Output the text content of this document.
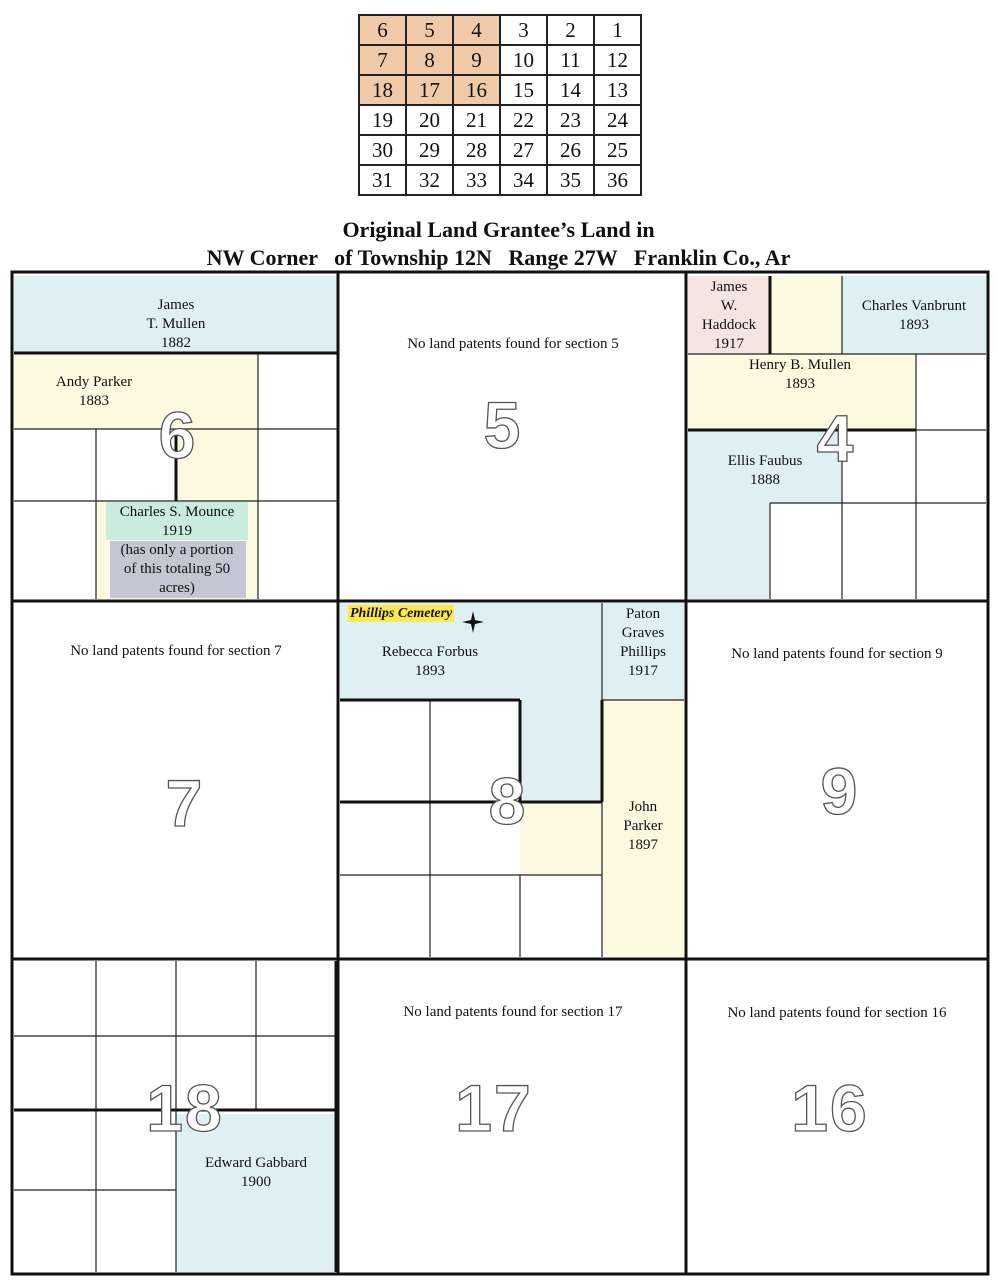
6	5	4	3	2	1
7	8	9	10	11	12
18	17	16	15	14	13
19	20	21	22	23	24
30	29	28	27	26	25
31	32	33	34	35	36
Original Land Grantee’s Land in
NW Corner   of Township 12N   Range 27W   Franklin Co., Ar
6	5	4
7	8	9
18	17	16
No land patents found for section 5
No land patents found for section 7	No land patents found for section 9
No land patents found for section 17	No land patents found for section 16
James
T. Mullen
1882
Andy Parker
1883
Charles S. Mounce
1919
(has only a portion
of this totaling 50
acres)
James
W.
Haddock
1917
Charles Vanbrunt
1893
Henry B. Mullen
1893
Ellis Faubus
1888
Phillips Cemetery
Rebecca Forbus
1893
Paton
Graves
Phillips
1917
John
Parker
1897
Edward Gabbard
1900
